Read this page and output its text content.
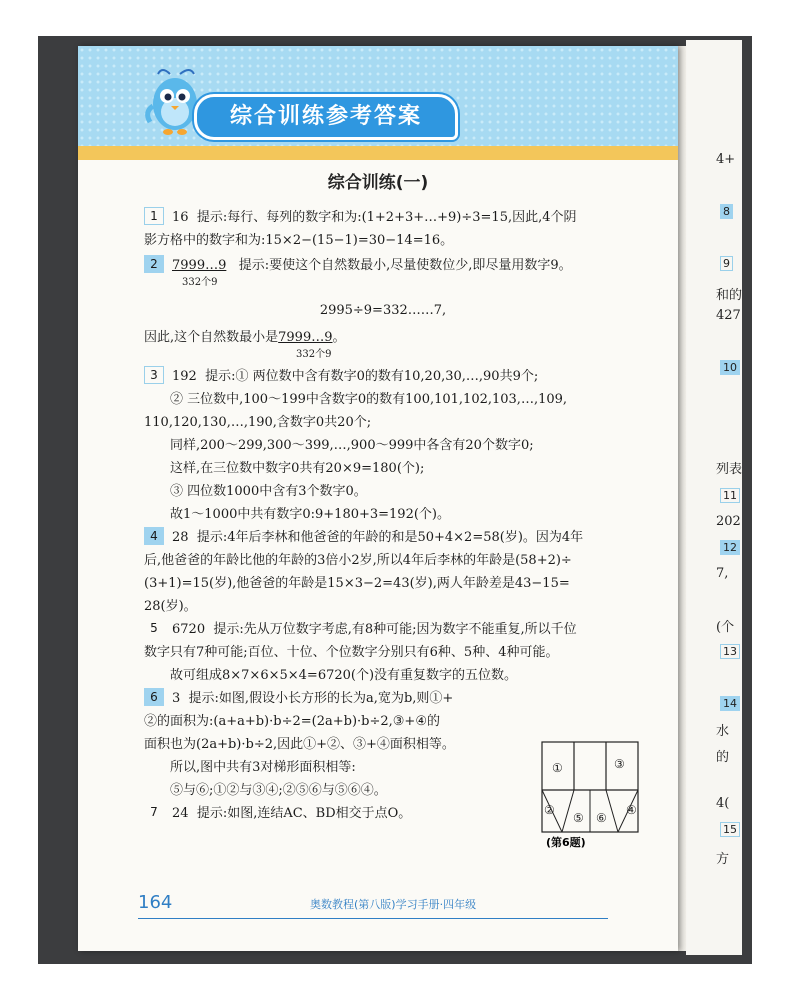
4+
8
9
和的
427
10
列表
11
202
12
7,
(个
13
14
水
的
4(
15
方
综合训练参考答案
综合训练(一)

1 16 提示:每行、每列的数字和为:(1+2+3+…+9)÷3=15,因此,4个阴

影方格中的数字和为:15×2−(15−1)=30−14=16。

2 7999…9 提示:要使这个自然数最小,尽量使数位少,即尽量用数字9。

332个9

2995÷9=332……7,

因此,这个自然数最小是7999…9。

332个9

3 192 提示:① 两位数中含有数字0的数有10,20,30,…,90共9个;

② 三位数中,100～199中含数字0的数有100,101,102,103,…,109,

110,120,130,…,190,含数字0共20个;

同样,200～299,300～399,…,900～999中各含有20个数字0;

这样,在三位数中数字0共有20×9=180(个);

③ 四位数1000中含有3个数字0。

故1～1000中共有数字0:9+180+3=192(个)。

4 28 提示:4年后李林和他爸爸的年龄的和是50+4×2=58(岁)。因为4年

后,他爸爸的年龄比他的年龄的3倍小2岁,所以4年后李林的年龄是(58+2)÷

(3+1)=15(岁),他爸爸的年龄是15×3−2=43(岁),两人年龄差是43−15=

28(岁)。

5 6720 提示:先从万位数字考虑,有8种可能;因为数字不能重复,所以千位

数字只有7种可能;百位、十位、个位数字分别只有6种、5种、4种可能。

故可组成8×7×6×5×4=6720(个)没有重复数字的五位数。

6 3 提示:如图,假设小长方形的长为a,宽为b,则①+

②的面积为:(a+a+b)·b÷2=(2a+b)·b÷2,③+④的

面积也为(2a+b)·b÷2,因此①+②、③+④面积相等。

所以,图中共有3对梯形面积相等:

⑤与⑥;①②与③④;②⑤⑥与⑤⑥④。

7 24 提示:如图,连结AC、BD相交于点O。

①	③
②	④
⑤ ⑥
(第6题)
164	奥数教程(第八版)学习手册·四年级
